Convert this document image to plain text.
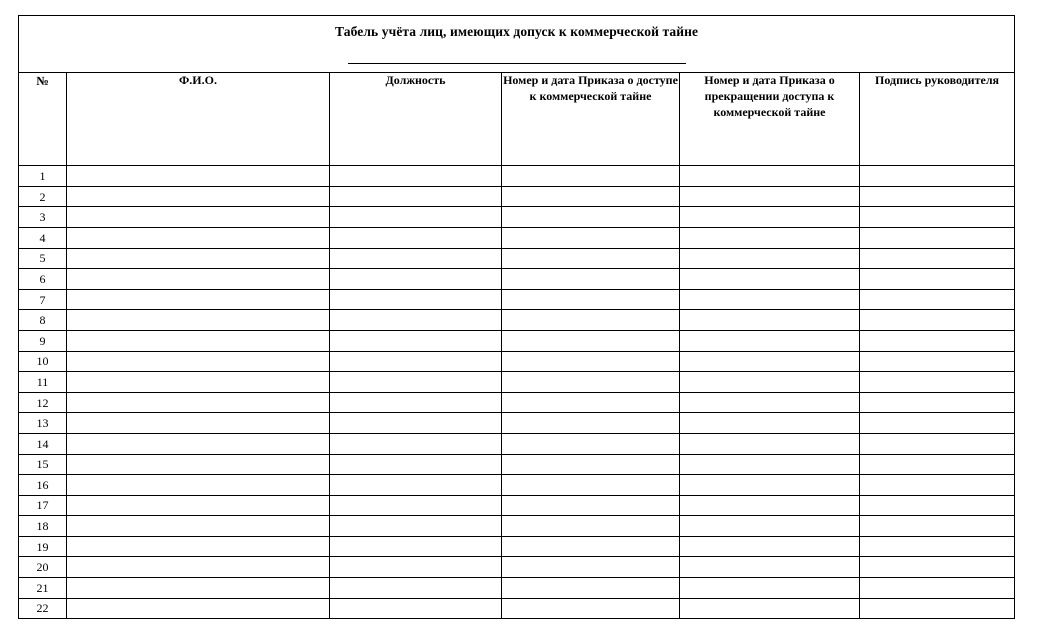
Табель учёта лиц, имеющих допуск к коммерческой тайне					

№	Ф.И.О.	Должность	Номер и дата Приказа о доступе к коммерческой тайне	Номер и дата Приказа о прекращении доступа к коммерческой тайне	Подпись руководителя
1					
2					
3					
4					
5					
6					
7					
8					
9					
10					
11					
12					
13					
14					
15					
16					
17					
18					
19					
20					
21					
22					
